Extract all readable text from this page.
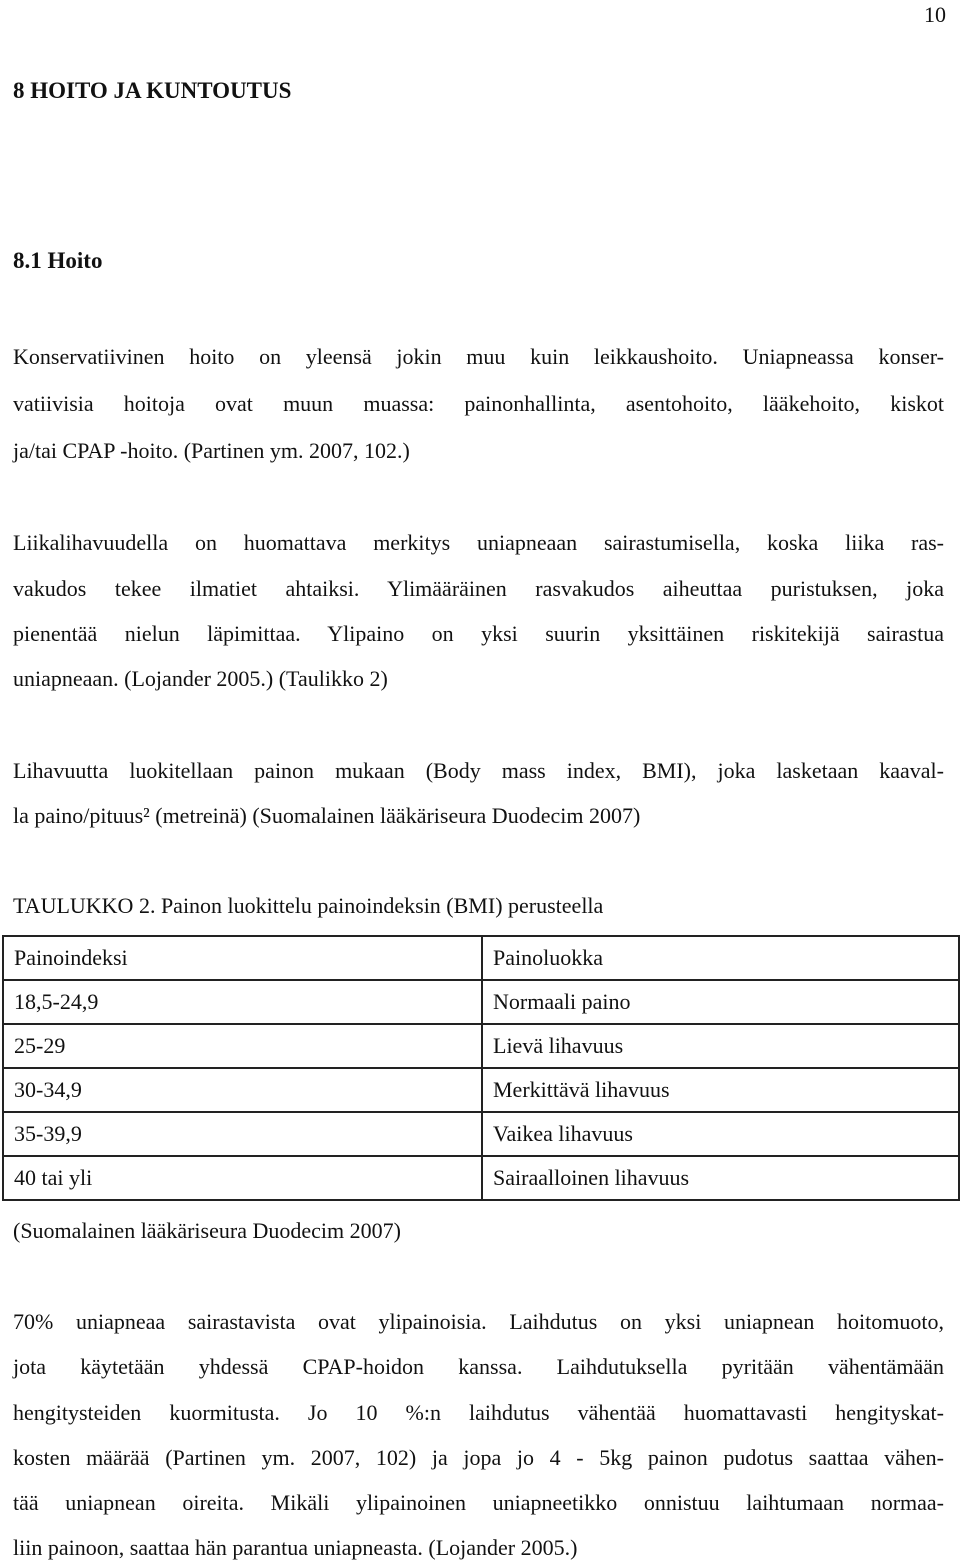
10
8 HOITO JA KUNTOUTUS
8.1 Hoito
Konservatiivinen hoito on yleensä jokin muu kuin leikkaushoito. Uniapneassa konser-
vatiivisia hoitoja ovat muun muassa: painonhallinta, asentohoito, lääkehoito, kiskot
ja/tai CPAP -hoito. (Partinen ym. 2007, 102.)
Liikalihavuudella on huomattava merkitys uniapneaan sairastumisella, koska liika ras-
vakudos tekee ilmatiet ahtaiksi. Ylimääräinen rasvakudos aiheuttaa puristuksen, joka
pienentää nielun läpimittaa. Ylipaino on yksi suurin yksittäinen riskitekijä sairastua
uniapneaan. (Lojander 2005.) (Taulikko 2)
Lihavuutta luokitellaan painon mukaan (Body mass index, BMI), joka lasketaan kaaval-
la paino/pituus² (metreinä) (Suomalainen lääkäriseura Duodecim 2007)
TAULUKKO 2. Painon luokittelu painoindeksin (BMI) perusteella
Painoindeksi	Painoluokka
18,5-24,9	Normaali paino
25-29	Lievä lihavuus
30-34,9	Merkittävä lihavuus
35-39,9	Vaikea lihavuus
40 tai yli	Sairaalloinen lihavuus
(Suomalainen lääkäriseura Duodecim 2007)
70% uniapneaa sairastavista ovat ylipainoisia. Laihdutus on yksi uniapnean hoitomuoto,
jota käytetään yhdessä CPAP-hoidon kanssa. Laihdutuksella pyritään vähentämään
hengitysteiden kuormitusta. Jo 10 %:n laihdutus vähentää huomattavasti hengityskat-
kosten määrää (Partinen ym. 2007, 102) ja jopa jo 4 - 5kg painon pudotus saattaa vähen-
tää uniapnean oireita. Mikäli ylipainoinen uniapneetikko onnistuu laihtumaan normaa-
liin painoon, saattaa hän parantua uniapneasta. (Lojander 2005.)
